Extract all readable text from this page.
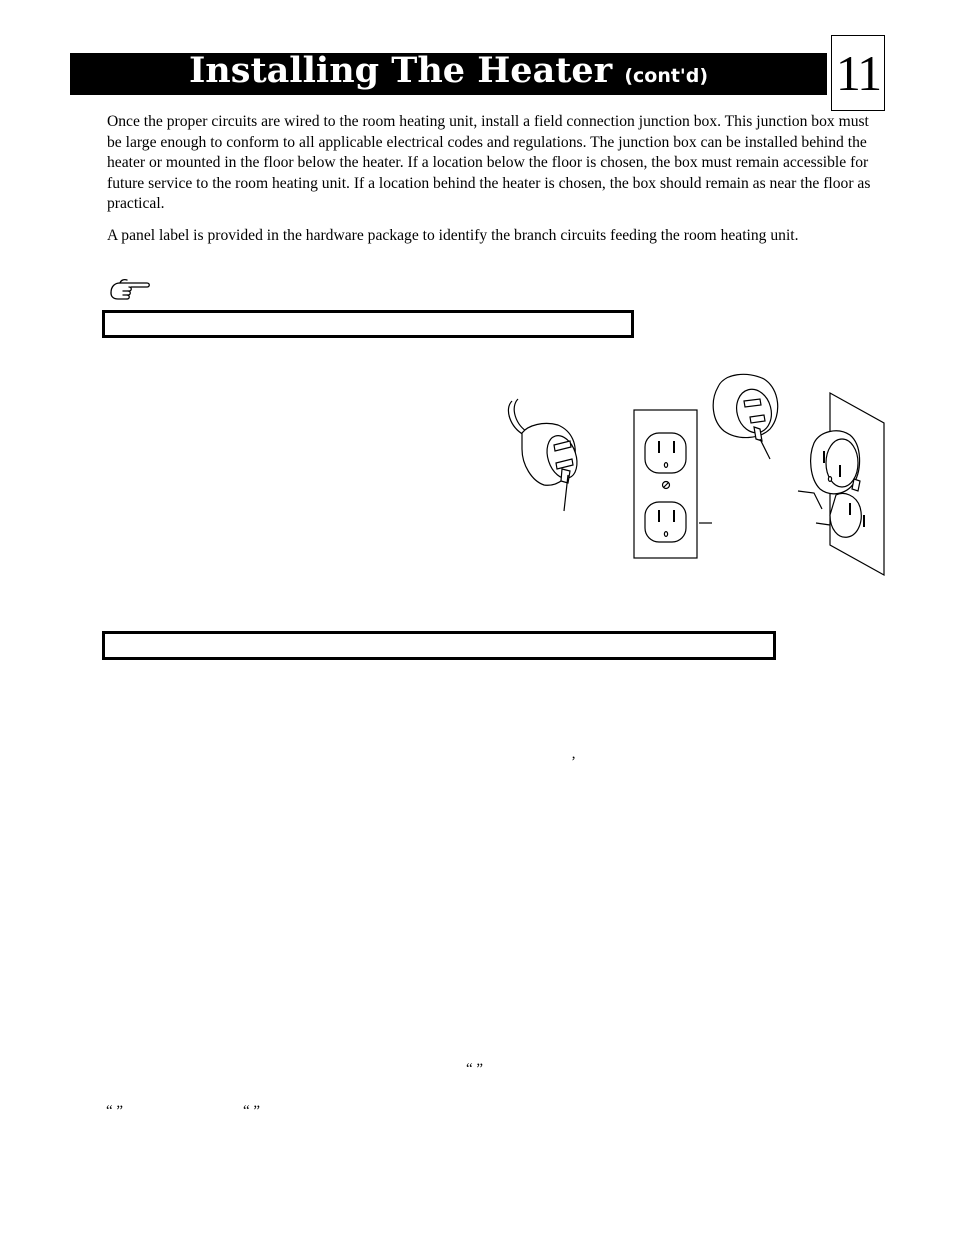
Installing The Heater (cont'd)	11

Once the proper circuits are wired to the room heating unit, install a field connection junction box. This junction box must be large enough to conform to all applicable electrical codes and regulations. The junction box can be installed behind the heater or mounted in the floor below the heater. If a location below the floor is chosen, the box must remain accessible for future service to the room heating unit. If a location behind the heater is chosen, the box should remain as near the floor as practical.

A panel label is provided in the hardware package to identify the branch circuits feeding the room heating unit.

’
“ ”
“ ”	“ ”
